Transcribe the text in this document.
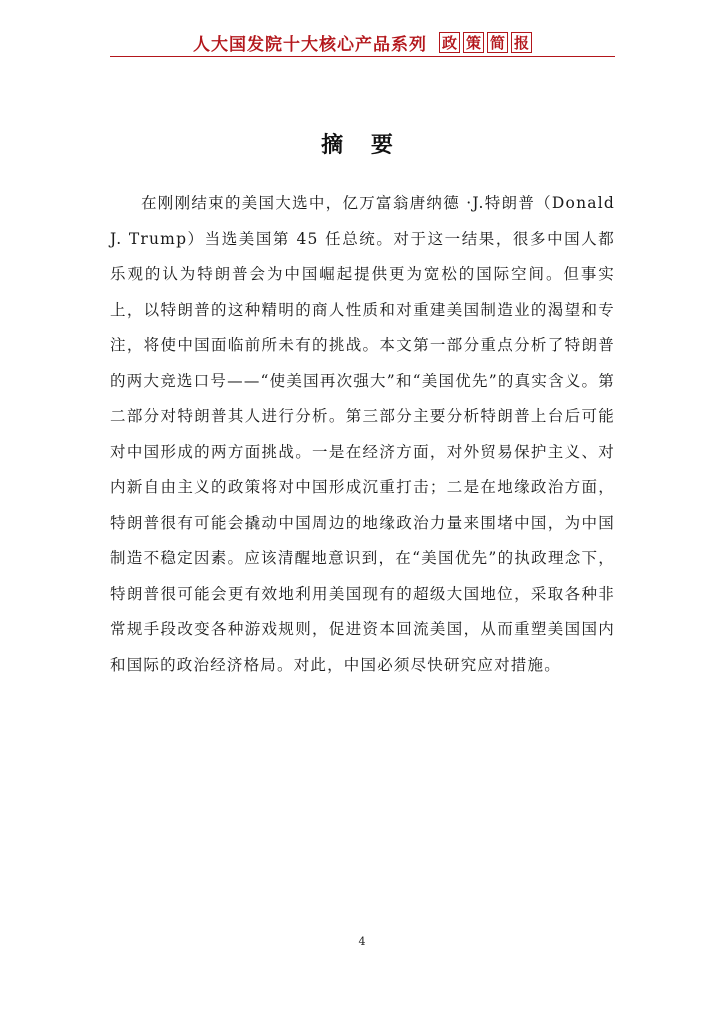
人大国发院十大核心产品系列 政 策 简 报
摘 要

在刚刚结束的美国大选中，亿万富翁唐纳德 ·J.特朗普（Donald J. Trump）当选美国第 45 任总统。对于这一结果，很多中国人都乐观的认为特朗普会为中国崛起提供更为宽松的国际空间。但事实上，以特朗普的这种精明的商人性质和对重建美国制造业的渴望和专注，将使中国面临前所未有的挑战。本文第一部分重点分析了特朗普的两大竞选口号——“使美国再次强大”和“美国优先”的真实含义。第二部分对特朗普其人进行分析。第三部分主要分析特朗普上台后可能对中国形成的两方面挑战。一是在经济方面，对外贸易保护主义、对内新自由主义的政策将对中国形成沉重打击；二是在地缘政治方面，特朗普很有可能会撬动中国周边的地缘政治力量来围堵中国，为中国制造不稳定因素。应该清醒地意识到，在“美国优先”的执政理念下，特朗普很可能会更有效地利用美国现有的超级大国地位，采取各种非常规手段改变各种游戏规则，促进资本回流美国，从而重塑美国国内和国际的政治经济格局。对此，中国必须尽快研究应对措施。

4
